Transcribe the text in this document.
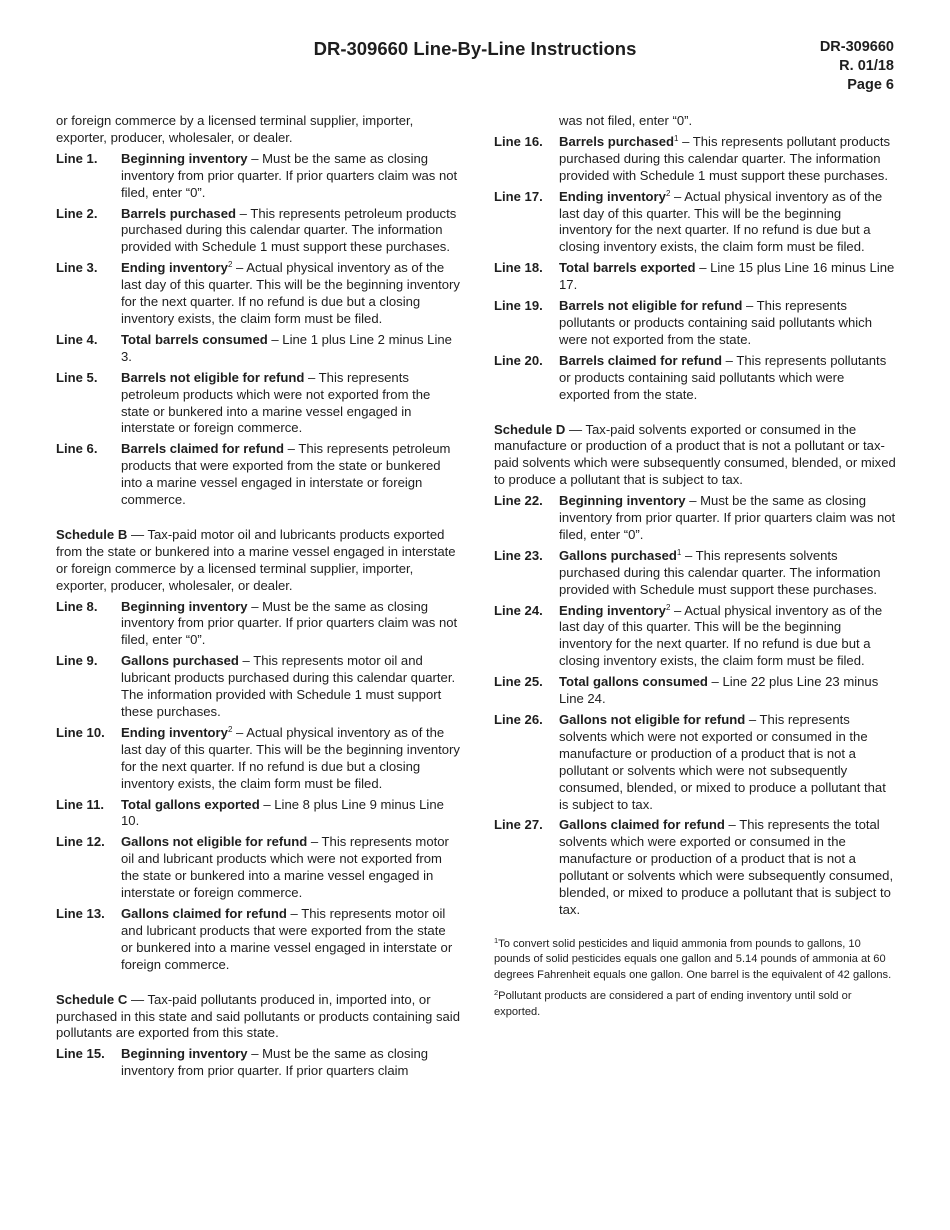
DR-309660 Line-By-Line Instructions	DR-309660
R. 01/18
Page 6

or foreign commerce by a licensed terminal supplier, importer, exporter, producer, wholesaler, or dealer.

Line 1.	Beginning inventory – Must be the same as closing inventory from prior quarter. If prior quarters claim was not filed, enter “0”.
Line 2.	Barrels purchased – This represents petroleum products purchased during this calendar quarter. The information provided with Schedule 1 must support these purchases.
Line 3.	Ending inventory$^2$ – Actual physical inventory as of the last day of this quarter. This will be the beginning inventory for the next quarter. If no refund is due but a closing inventory exists, the claim form must be filed.
Line 4.	Total barrels consumed – Line 1 plus Line 2 minus Line 3.
Line 5.	Barrels not eligible for refund – This represents petroleum products which were not exported from the state or bunkered into a marine vessel engaged in interstate or foreign commerce.
Line 6.	Barrels claimed for refund – This represents petroleum products that were exported from the state or bunkered into a marine vessel engaged in interstate or foreign commerce.

Schedule B — Tax-paid motor oil and lubricants products exported from the state or bunkered into a marine vessel engaged in interstate or foreign commerce by a licensed terminal supplier, importer, exporter, producer, wholesaler, or dealer.

Line 8.	Beginning inventory – Must be the same as closing inventory from prior quarter. If prior quarters claim was not filed, enter “0”.
Line 9.	Gallons purchased – This represents motor oil and lubricant products purchased during this calendar quarter. The information provided with Schedule 1 must support these purchases.
Line 10.	Ending inventory$^2$ – Actual physical inventory as of the last day of this quarter. This will be the beginning inventory for the next quarter. If no refund is due but a closing inventory exists, the claim form must be filed.
Line 11.	Total gallons exported – Line 8 plus Line 9 minus Line 10.
Line 12.	Gallons not eligible for refund – This represents motor oil and lubricant products which were not exported from the state or bunkered into a marine vessel engaged in interstate or foreign commerce.
Line 13.	Gallons claimed for refund – This represents motor oil and lubricant products that were exported from the state or bunkered into a marine vessel engaged in interstate or foreign commerce.

Schedule C — Tax-paid pollutants produced in, imported into, or purchased in this state and said pollutants or products containing said pollutants are exported from this state.

Line 15.	Beginning inventory – Must be the same as closing inventory from prior quarter. If prior quarters claim

was not filed, enter “0”.

Line 16.	Barrels purchased$^1$ – This represents pollutant products purchased during this calendar quarter. The information provided with Schedule 1 must support these purchases.
Line 17.	Ending inventory$^2$ – Actual physical inventory as of the last day of this quarter. This will be the beginning inventory for the next quarter. If no refund is due but a closing inventory exists, the claim form must be filed.
Line 18.	Total barrels exported – Line 15 plus Line 16 minus Line 17.
Line 19.	Barrels not eligible for refund – This represents pollutants or products containing said pollutants which were not exported from the state.
Line 20.	Barrels claimed for refund – This represents pollutants or products containing said pollutants which were exported from the state.

Schedule D — Tax-paid solvents exported or consumed in the manufacture or production of a product that is not a pollutant or tax-paid solvents which were subsequently consumed, blended, or mixed to produce a pollutant that is subject to tax.

Line 22.	Beginning inventory – Must be the same as closing inventory from prior quarter. If prior quarters claim was not filed, enter “0”.
Line 23.	Gallons purchased$^1$ – This represents solvents purchased during this calendar quarter. The information provided with Schedule must support these purchases.
Line 24.	Ending inventory$^2$ – Actual physical inventory as of the last day of this quarter. This will be the beginning inventory for the next quarter. If no refund is due but a closing inventory exists, the claim form must be filed.
Line 25.	Total gallons consumed – Line 22 plus Line 23 minus Line 24.
Line 26.	Gallons not eligible for refund – This represents solvents which were not exported or consumed in the manufacture or production of a product that is not a pollutant or solvents which were not subsequently consumed, blended, or mixed to produce a pollutant that is subject to tax.
Line 27.	Gallons claimed for refund – This represents the total solvents which were exported or consumed in the manufacture or production of a product that is not a pollutant or solvents which were subsequently consumed, blended, or mixed to produce a pollutant that is subject to tax.

$^1$To convert solid pesticides and liquid ammonia from pounds to gallons, 10 pounds of solid pesticides equals one gallon and 5.14 pounds of ammonia at 60 degrees Fahrenheit equals one gallon. One barrel is the equivalent of 42 gallons.

$^2$Pollutant products are considered a part of ending inventory until sold or exported.
